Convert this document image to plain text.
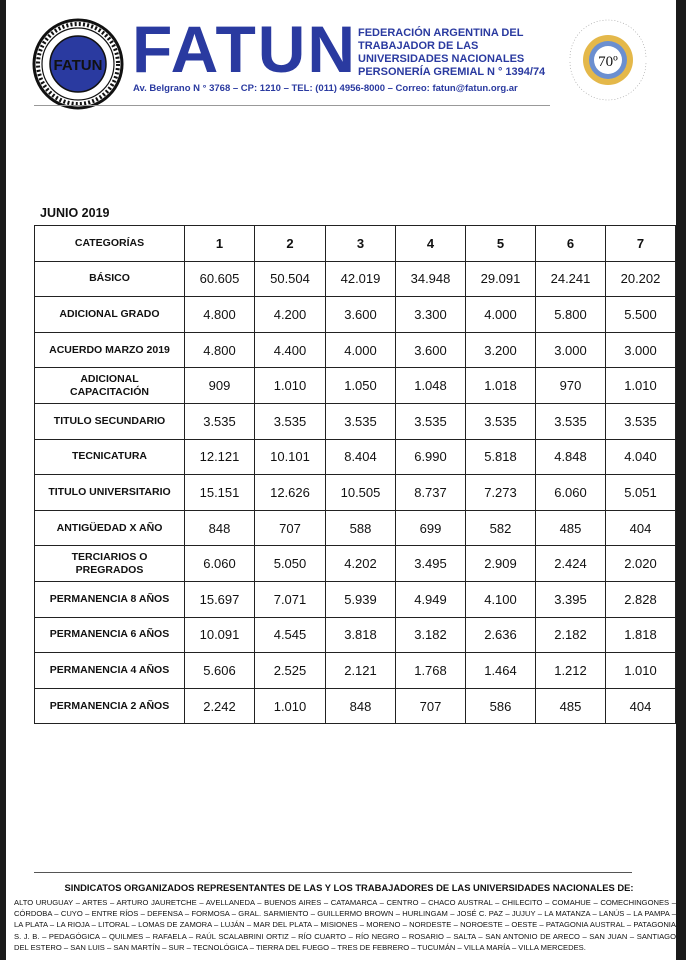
FATUN FATUN FEDERACIÓN ARGENTINA DEL
TRABAJADOR DE LAS
UNIVERSIDADES NACIONALES
PERSONERÍA GREMIAL N ° 1394/74
Av. Belgrano N ° 3768 – CP: 1210 – TEL: (011) 4956-8000 – Correo: fatun@fatun.org.ar
70º
JUNIO 2019
CATEGORÍAS	1	2	3	4	5	6	7
BÁSICO	60.605	50.504	42.019	34.948	29.091	24.241	20.202
ADICIONAL GRADO	4.800	4.200	3.600	3.300	4.000	5.800	5.500
ACUERDO MARZO 2019	4.800	4.400	4.000	3.600	3.200	3.000	3.000
ADICIONAL CAPACITACIÓN	909	1.010	1.050	1.048	1.018	970	1.010
TITULO SECUNDARIO	3.535	3.535	3.535	3.535	3.535	3.535	3.535
TECNICATURA	12.121	10.101	8.404	6.990	5.818	4.848	4.040
TITULO UNIVERSITARIO	15.151	12.626	10.505	8.737	7.273	6.060	5.051
ANTIGÜEDAD X AÑO	848	707	588	699	582	485	404
TERCIARIOS O PREGRADOS	6.060	5.050	4.202	3.495	2.909	2.424	2.020
PERMANENCIA 8 AÑOS	15.697	7.071	5.939	4.949	4.100	3.395	2.828
PERMANENCIA 6 AÑOS	10.091	4.545	3.818	3.182	2.636	2.182	1.818
PERMANENCIA 4 AÑOS	5.606	2.525	2.121	1.768	1.464	1.212	1.010
PERMANENCIA 2 AÑOS	2.242	1.010	848	707	586	485	404
SINDICATOS ORGANIZADOS REPRESENTANTES DE LAS Y LOS TRABAJADORES DE LAS UNIVERSIDADES NACIONALES DE:
ALTO URUGUAY – ARTES – ARTURO JAURETCHE – AVELLANEDA – BUENOS AIRES – CATAMARCA – CENTRO – CHACO AUSTRAL – CHILECITO – COMAHUE – COMECHINGONES – CÓRDOBA – CUYO – ENTRE RÍOS – DEFENSA – FORMOSA – GRAL. SARMIENTO – GUILLERMO BROWN – HURLINGAM – JOSÉ C. PAZ – JUJUY – LA MATANZA – LANÚS – LA PAMPA – LA PLATA – LA RIOJA – LITORAL – LOMAS DE ZAMORA – LUJÁN – MAR DEL PLATA – MISIONES – MORENO – NORDESTE – NOROESTE – OESTE – PATAGONIA AUSTRAL – PATAGONIA S. J. B. – PEDAGÓGICA – QUILMES – RAFAELA – RAÚL SCALABRINI ORTIZ – RÍO CUARTO – RÍO NEGRO – ROSARIO – SALTA – SAN ANTONIO DE ARECO – SAN JUAN – SANTIAGO DEL ESTERO – SAN LUIS – SAN MARTÍN – SUR – TECNOLÓGICA – TIERRA DEL FUEGO – TRES DE FEBRERO – TUCUMÁN – VILLA MARÍA – VILLA MERCEDES.
